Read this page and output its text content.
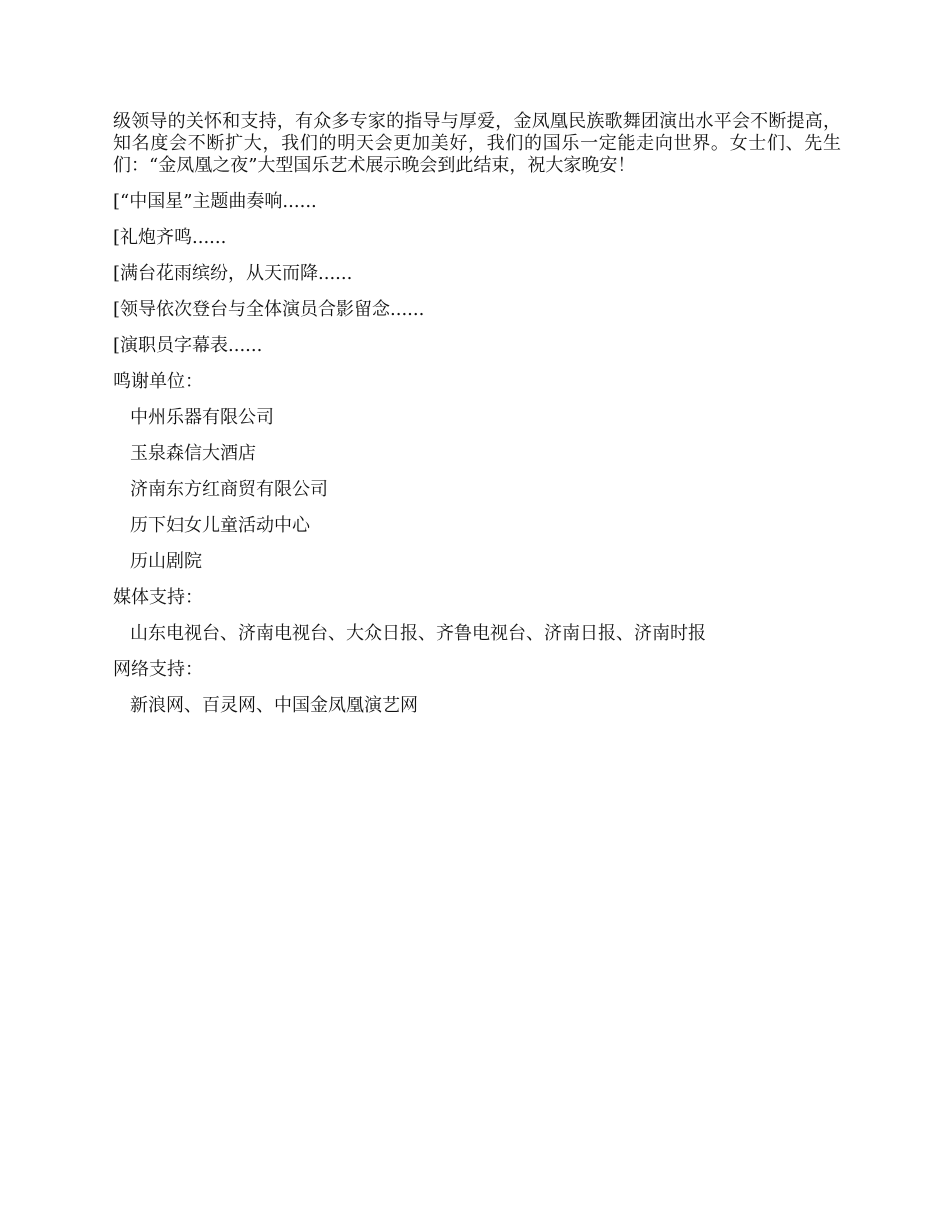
级领导的关怀和支持，有众多专家的指导与厚爱，金凤凰民族歌舞团演出水平会不断提高，知名度会不断扩大，我们的明天会更加美好，我们的国乐一定能走向世界。女士们、先生们：“金凤凰之夜”大型国乐艺术展示晚会到此结束，祝大家晚安！

[“中国星”主题曲奏响......

[礼炮齐鸣......

[满台花雨缤纷，从天而降......

[领导依次登台与全体演员合影留念......

[演职员字幕表......

鸣谢单位：

中州乐器有限公司

玉泉森信大酒店

济南东方红商贸有限公司

历下妇女儿童活动中心

历山剧院

媒体支持：

山东电视台、济南电视台、大众日报、齐鲁电视台、济南日报、济南时报

网络支持：

新浪网、百灵网、中国金凤凰演艺网
